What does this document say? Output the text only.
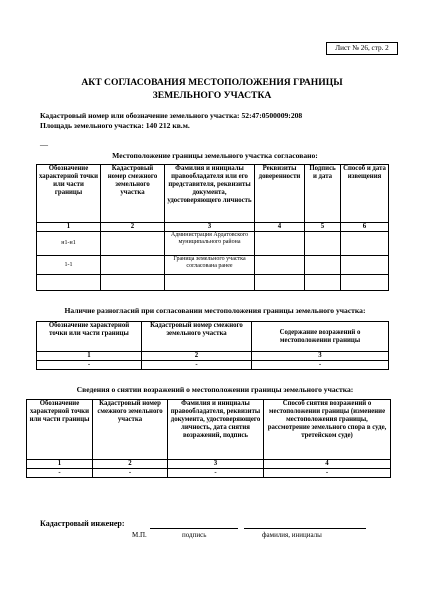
Лист № 26, стр. 2
АКТ СОГЛАСОВАНИЯ МЕСТОПОЛОЖЕНИЯ ГРАНИЦЫ
ЗЕМЕЛЬНОГО УЧАСТКА
Кадастровый номер или обозначение земельного участка: 52:47:0500009:208
Площадь земельного участка: 140 212 кв.м.
__
Местоположение границы земельного участка согласовано:
Обозначение характерной точки или части границы	Кадастровый номер смежного земельного участка	Фамилия и инициалы правообладателя или его представителя, реквизиты документа, удостоверяющего личность	Реквизиты доверенности	Подпись и дата	Способ и дата извещения
1	2	3	4	5	6
н1-н1		Администрация Ардатовского муниципального района			
1-1		Граница земельного участка согласована ранее			

Наличие разногласий при согласовании местоположения границы земельного участка:
Обозначение характерной точки или части границы	Кадастровый номер смежного земельного участка	Содержание возражений о местоположении границы
1	2	3
-	-	-
Сведения о снятии возражений о местоположении границы земельного участка:
Обозначение характерной точки или части границы	Кадастровый номер смежного земельного участка	Фамилия и инициалы правообладателя, реквизиты документа, удостоверяющего личность, дата снятия возражений, подпись	Способ снятия возражений о местоположении границы (изменение местоположения границы, рассмотрение земельного спора в суде, третейском суде)
1	2	3	4
-	-	-	-
Кадастровый инженер:
М.П.	подпись	фамилия, инициалы
